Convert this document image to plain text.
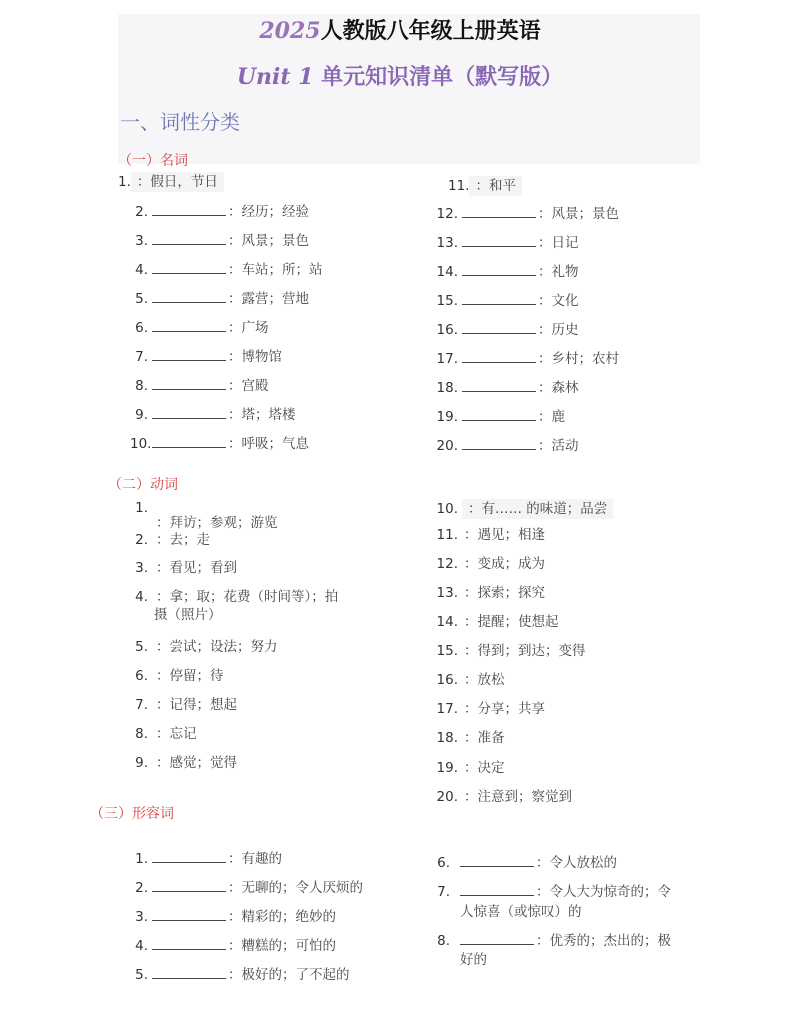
2025人教版八年级上册英语
Unit 1 单元知识清单（默写版）
一、词性分类
（一）名词
1. ：假日，节日
2.	：经历；经验
3.	：风景；景色
4.	：车站；所；站
5.	：露营；营地
6.	：广场
7.	：博物馆
8.	：宫殿
9.	：塔；塔楼
10.	：呼吸；气息
11. ：和平
12.	：风景；景色
13.	：日记
14.	：礼物
15.	：文化
16.	：历史
17.	：乡村；农村
18.	：森林
19.	：鹿
20.	：活动
（二）动词
1.
：拜访；参观；游览
2. ：去；走
3. ：看见；看到
4. ：拿；取；花费（时间等）；拍
摄（照片）
5. ：尝试；设法；努力
6. ：停留；待
7. ：记得；想起
8. ：忘记
9. ：感觉；觉得
10. ：有…… 的味道；品尝
11. ：遇见；相逢
12. ：变成；成为
13. ：探索；探究
14. ：提醒；使想起
15. ：得到；到达；变得
16. ：放松
17. ：分享；共享
18. ：准备
19. ：决定
20. ：注意到；察觉到
（三）形容词
1.	：有趣的
2.	：无聊的；令人厌烦的
3.	：精彩的；绝妙的
4.	：糟糕的；可怕的
5.	：极好的；了不起的
6.	：令人放松的
7.	：令人大为惊奇的；令
人惊喜（或惊叹）的
8.	：优秀的；杰出的；极
好的
